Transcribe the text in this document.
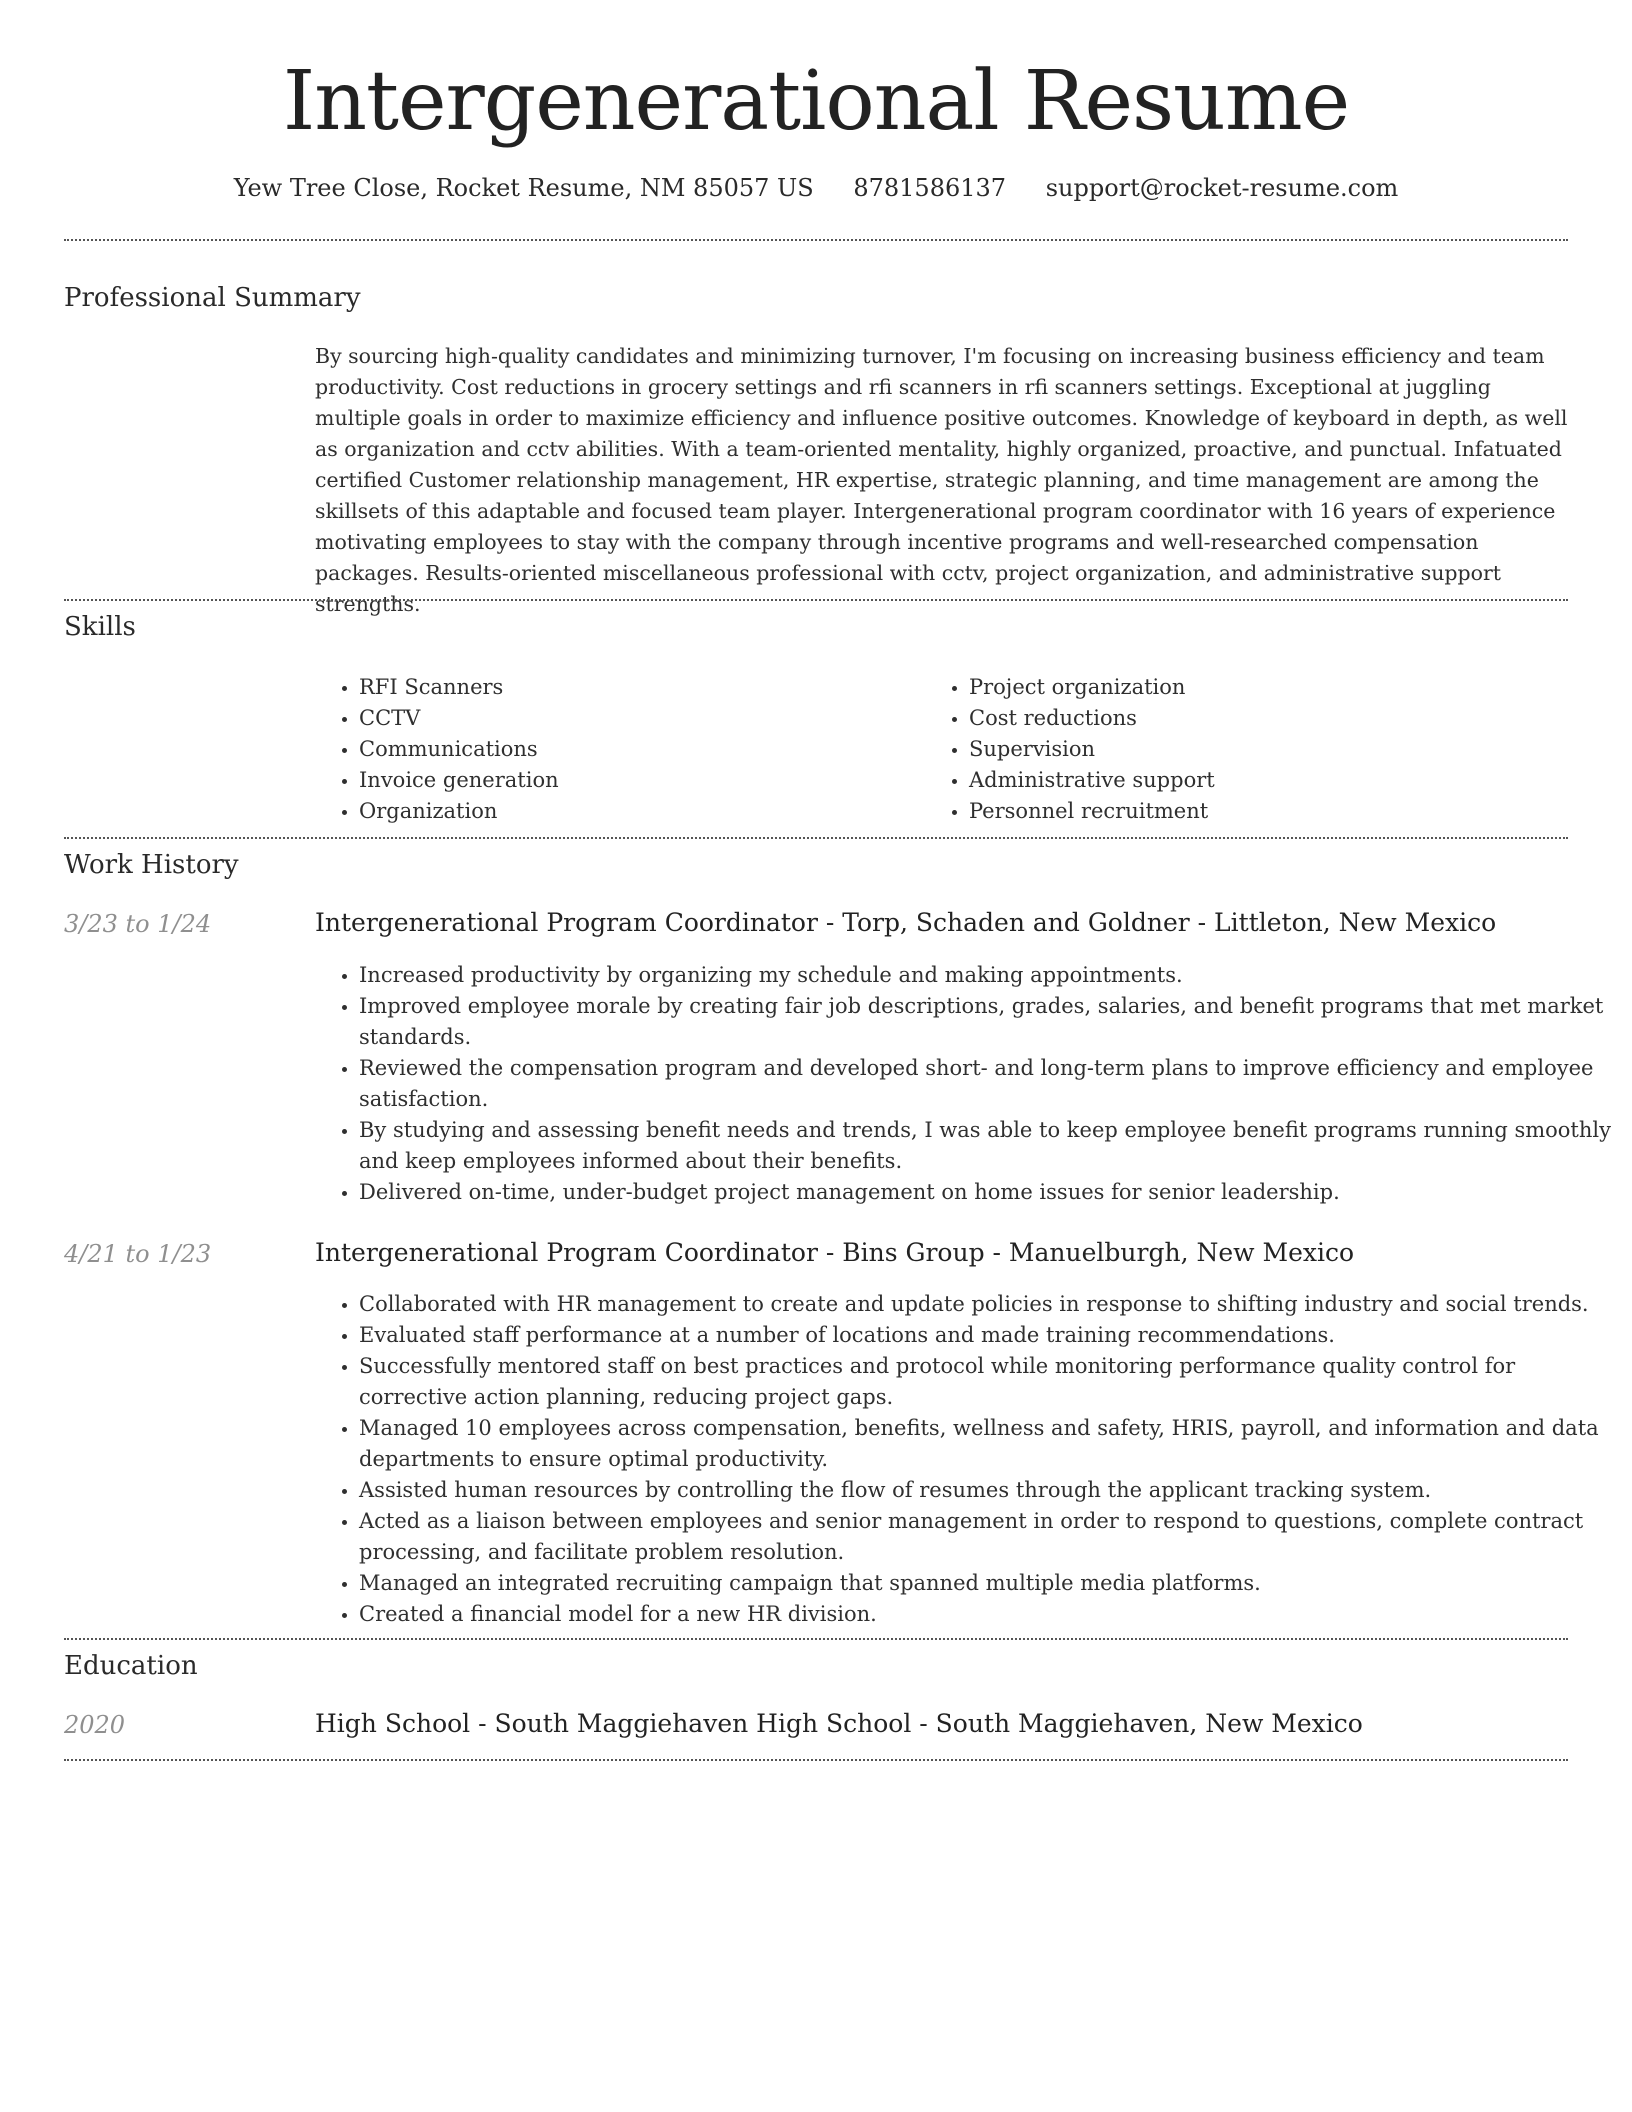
Intergenerational Resume
Yew Tree Close, Rocket Resume, NM 85057 US 8781586137 support@rocket-resume.com
Professional Summary

By sourcing high-quality candidates and minimizing turnover, I'm focusing on increasing business efficiency and team productivity. Cost reductions in grocery settings and rfi scanners in rfi scanners settings. Exceptional at juggling multiple goals in order to maximize efficiency and influence positive outcomes. Knowledge of keyboard in depth, as well as organization and cctv abilities. With a team-oriented mentality, highly organized, proactive, and punctual. Infatuated certified Customer relationship management, HR expertise, strategic planning, and time management are among the skillsets of this adaptable and focused team player. Intergenerational program coordinator with 16 years of experience motivating employees to stay with the company through incentive programs and well-researched compensation packages. Results-oriented miscellaneous professional with cctv, project organization, and administrative support strengths.

Skills
• RFI Scanners
• CCTV
• Communications
• Invoice generation
• Organization
• Project organization
• Cost reductions
• Supervision
• Administrative support
• Personnel recruitment
Work History
3/23 to 1/24	Intergenerational Program Coordinator - Torp, Schaden and Goldner - Littleton, New Mexico
• Increased productivity by organizing my schedule and making appointments.
• Improved employee morale by creating fair job descriptions, grades, salaries, and benefit programs that met market standards.
• Reviewed the compensation program and developed short- and long-term plans to improve efficiency and employee satisfaction.
• By studying and assessing benefit needs and trends, I was able to keep employee benefit programs running smoothly and keep employees informed about their benefits.
• Delivered on-time, under-budget project management on home issues for senior leadership.
4/21 to 1/23	Intergenerational Program Coordinator - Bins Group - Manuelburgh, New Mexico
• Collaborated with HR management to create and update policies in response to shifting industry and social trends.
• Evaluated staff performance at a number of locations and made training recommendations.
• Successfully mentored staff on best practices and protocol while monitoring performance quality control for corrective action planning, reducing project gaps.
• Managed 10 employees across compensation, benefits, wellness and safety, HRIS, payroll, and information and data departments to ensure optimal productivity.
• Assisted human resources by controlling the flow of resumes through the applicant tracking system.
• Acted as a liaison between employees and senior management in order to respond to questions, complete contract processing, and facilitate problem resolution.
• Managed an integrated recruiting campaign that spanned multiple media platforms.
• Created a financial model for a new HR division.
Education
2020	High School - South Maggiehaven High School - South Maggiehaven, New Mexico
